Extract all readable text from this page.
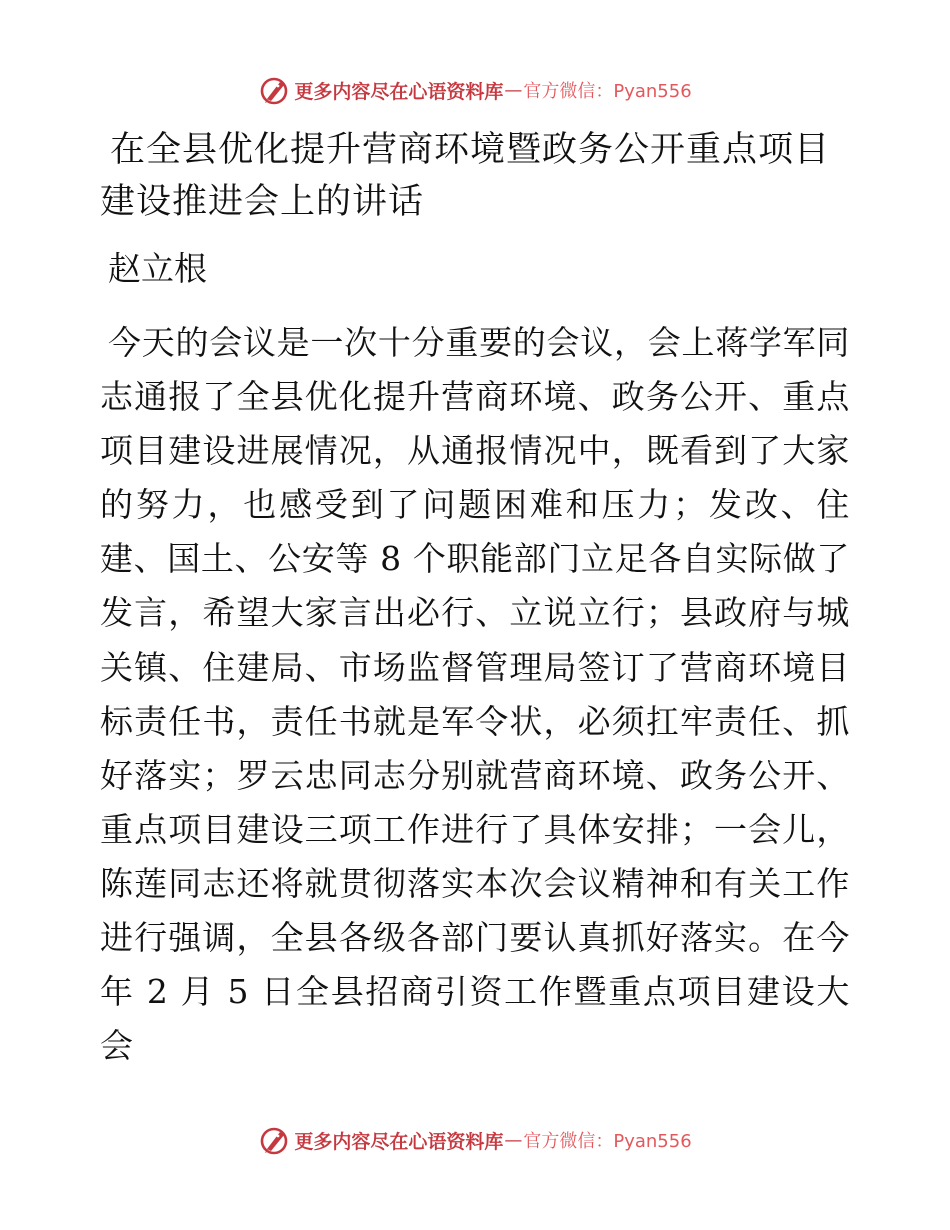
更多内容尽在心语资料库 — 官方微信：Pyan556
在全县优化提升营商环境暨政务公开重点项目建设推进会上的讲话
赵立根

今天的会议是一次十分重要的会议，会上蒋学军同志通报了全县优化提升营商环境、政务公开、重点项目建设进展情况，从通报情况中，既看到了大家的努力，也感受到了问题困难和压力；发改、住建、国土、公安等 8 个职能部门立足各自实际做了发言，希望大家言出必行、立说立行；县政府与城关镇、住建局、市场监督管理局签订了营商环境目标责任书，责任书就是军令状，必须扛牢责任、抓好落实；罗云忠同志分别就营商环境、政务公开、重点项目建设三项工作进行了具体安排；一会儿，陈莲同志还将就贯彻落实本次会议精神和有关工作进行强调，全县各级各部门要认真抓好落实。在今年 2 月 5 日全县招商引资工作暨重点项目建设大会

更多内容尽在心语资料库 — 官方微信：Pyan556
